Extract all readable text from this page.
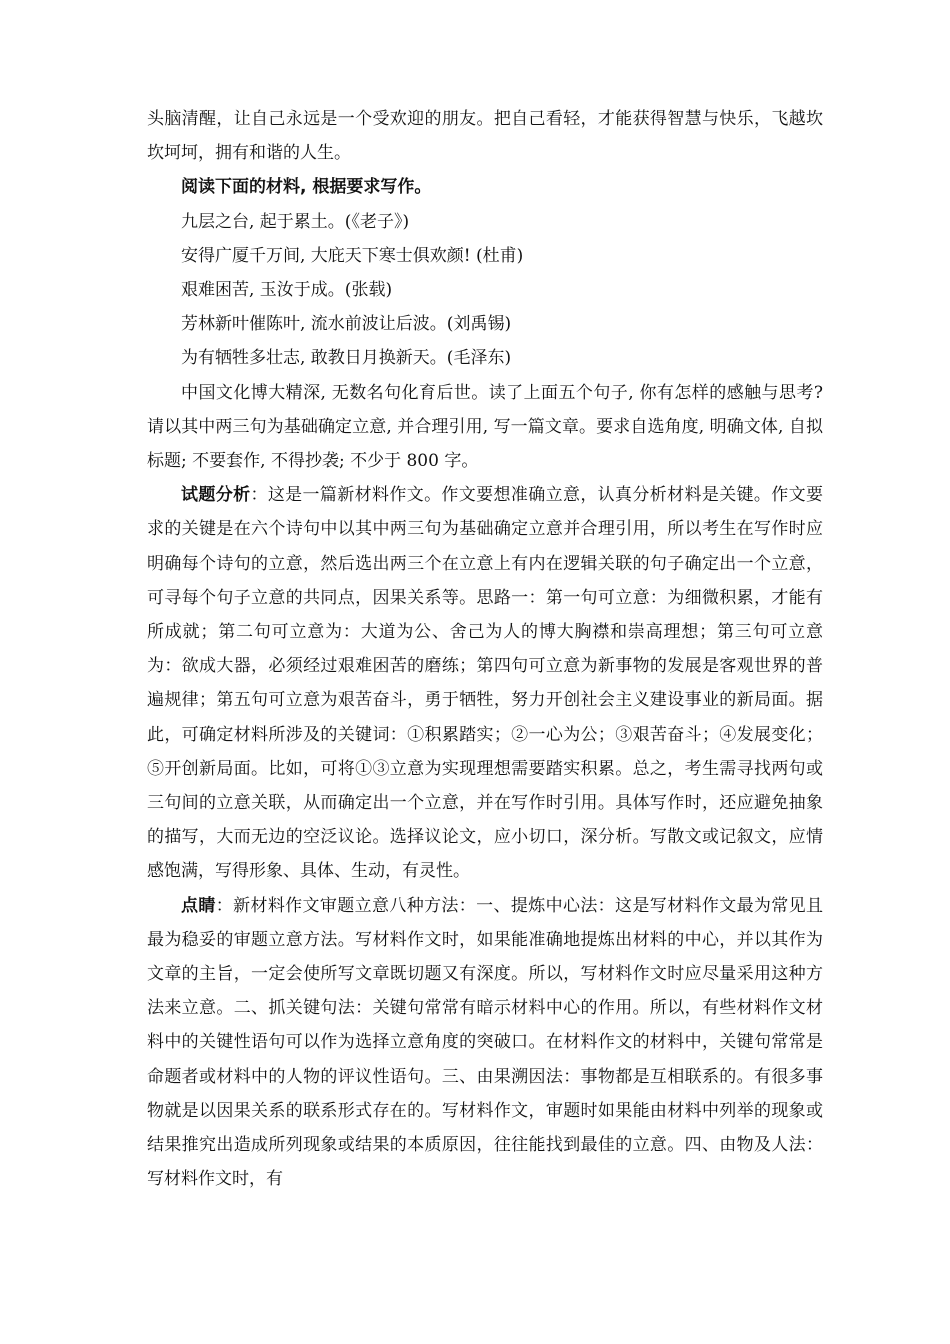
头脑清醒，让自己永远是一个受欢迎的朋友。把自己看轻，才能获得智慧与快乐，飞越坎坎坷坷，拥有和谐的人生。

阅读下面的材料, 根据要求写作。

九层之台, 起于累土。(《老子》)

安得广厦千万间, 大庇天下寒士俱欢颜! (杜甫)

艰难困苦, 玉汝于成。(张载)

芳林新叶催陈叶, 流水前波让后波。(刘禹锡)

为有牺牲多壮志, 敢教日月换新天。(毛泽东)

中国文化博大精深, 无数名句化育后世。读了上面五个句子, 你有怎样的感触与思考?请以其中两三句为基础确定立意, 并合理引用, 写一篇文章。要求自选角度, 明确文体, 自拟标题; 不要套作, 不得抄袭; 不少于 800 字。

试题分析：这是一篇新材料作文。作文要想准确立意，认真分析材料是关键。作文要求的关键是在六个诗句中以其中两三句为基础确定立意并合理引用，所以考生在写作时应明确每个诗句的立意，然后选出两三个在立意上有内在逻辑关联的句子确定出一个立意，可寻每个句子立意的共同点，因果关系等。思路一：第一句可立意：为细微积累，才能有所成就；第二句可立意为：大道为公、舍己为人的博大胸襟和崇高理想；第三句可立意为：欲成大器，必须经过艰难困苦的磨练；第四句可立意为新事物的发展是客观世界的普遍规律；第五句可立意为艰苦奋斗，勇于牺牲，努力开创社会主义建设事业的新局面。据此，可确定材料所涉及的关键词：①积累踏实；②一心为公；③艰苦奋斗；④发展变化；⑤开创新局面。比如，可将①③立意为实现理想需要踏实积累。总之，考生需寻找两句或三句间的立意关联，从而确定出一个立意，并在写作时引用。具体写作时，还应避免抽象的描写，大而无边的空泛议论。选择议论文，应小切口，深分析。写散文或记叙文，应情感饱满，写得形象、具体、生动，有灵性。

点睛：新材料作文审题立意八种方法：一、提炼中心法：这是写材料作文最为常见且最为稳妥的审题立意方法。写材料作文时，如果能准确地提炼出材料的中心，并以其作为文章的主旨，一定会使所写文章既切题又有深度。所以，写材料作文时应尽量采用这种方法来立意。二、抓关键句法：关键句常常有暗示材料中心的作用。所以，有些材料作文材料中的关键性语句可以作为选择立意角度的突破口。在材料作文的材料中，关键句常常是命题者或材料中的人物的评议性语句。三、由果溯因法：事物都是互相联系的。有很多事物就是以因果关系的联系形式存在的。写材料作文，审题时如果能由材料中列举的现象或结果推究出造成所列现象或结果的本质原因，往往能找到最佳的立意。四、由物及人法：写材料作文时，有
